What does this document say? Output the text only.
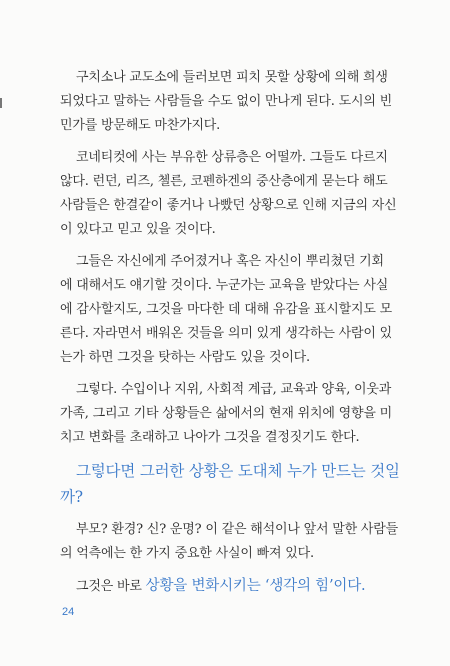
구치소나 교도소에 들러보면 피치 못할 상황에 의해 희생
되었다고 말하는 사람들을 수도 없이 만나게 된다. 도시의 빈
민가를 방문해도 마찬가지다.

코네티컷에 사는 부유한 상류층은 어떨까. 그들도 다르지
않다. 런던, 리즈, 첼른, 코펜하겐의 중산층에게 묻는다 해도
사람들은 한결같이 좋거나 나빴던 상황으로 인해 지금의 자신
이 있다고 믿고 있을 것이다.

그들은 자신에게 주어졌거나 혹은 자신이 뿌리쳤던 기회
에 대해서도 얘기할 것이다. 누군가는 교육을 받았다는 사실
에 감사할지도, 그것을 마다한 데 대해 유감을 표시할지도 모
른다. 자라면서 배워온 것들을 의미 있게 생각하는 사람이 있
는가 하면 그것을 탓하는 사람도 있을 것이다.

그렇다. 수입이나 지위, 사회적 계급, 교육과 양육, 이웃과
가족, 그리고 기타 상황들은 삶에서의 현재 위치에 영향을 미
치고 변화를 초래하고 나아가 그것을 결정짓기도 한다.

그렇다면 그러한 상황은 도대체 누가 만드는 것일
까?

부모? 환경? 신? 운명? 이 같은 해석이나 앞서 말한 사람들
의 억측에는 한 가지 중요한 사실이 빠져 있다.

그것은 바로 상황을 변화시키는 ‘생각의 힘’이다.

24
